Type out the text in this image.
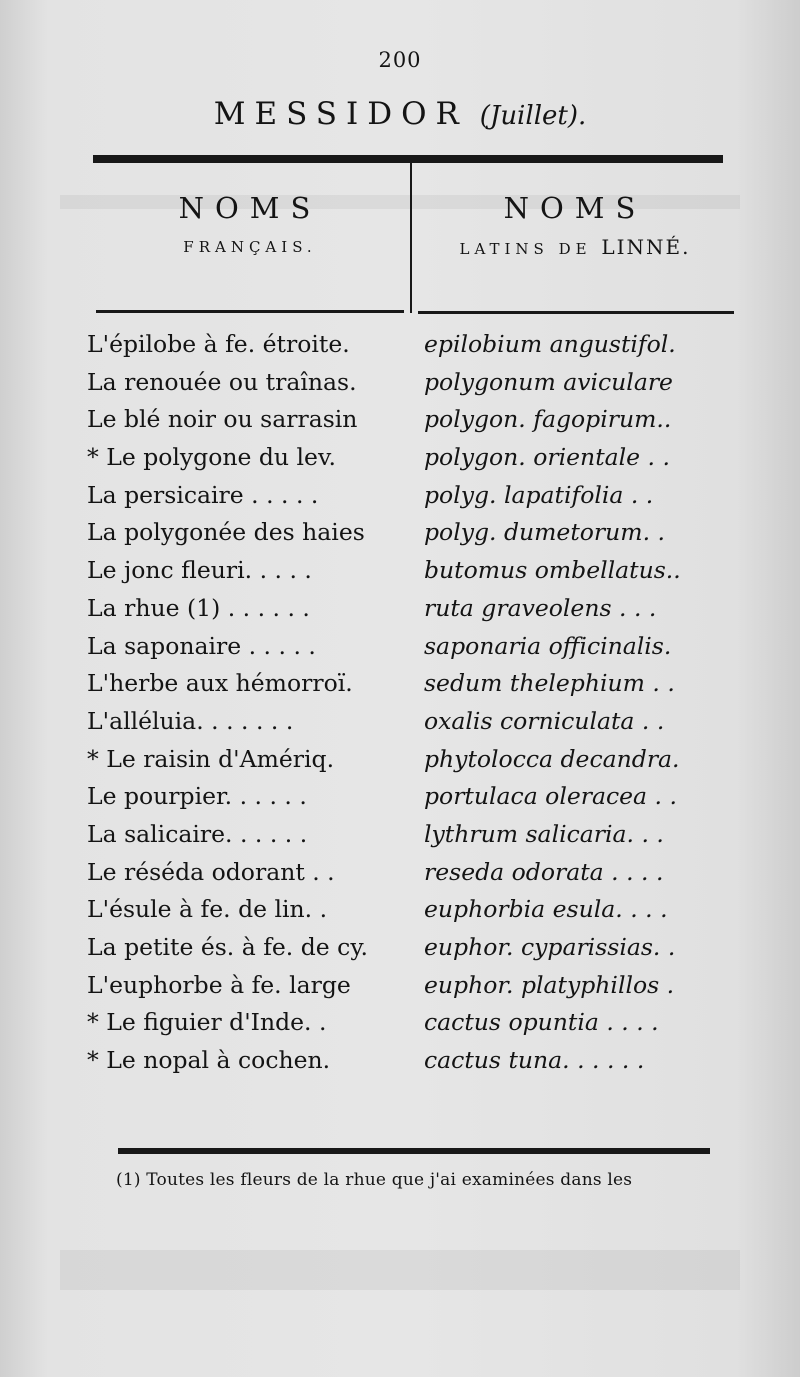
200
MESSIDOR (Juillet).
NOMS
FRANÇAIS.
NOMS
LATINS DE LINNÉ.
L'épilobe à fe. étroite.	epilobium angustifol.
La renouée ou traînas.	polygonum aviculare
Le blé noir ou sarrasin	polygon. fagopirum..
* Le polygone du lev.	polygon. orientale . .
La persicaire . . . . .	polyg. lapatifolia . .
La polygonée des haies	polyg. dumetorum. .
Le jonc fleuri. . . . .	butomus ombellatus..
La rhue (1) . . . . . .	ruta graveolens . . .
La saponaire . . . . .	saponaria officinalis.
L'herbe aux hémorroï.	sedum thelephium . .
L'alléluia. . . . . . .	oxalis corniculata . .
* Le raisin d'Amériq.	phytolocca decandra.
Le pourpier. . . . . .	portulaca oleracea . .
La salicaire. . . . . .	lythrum salicaria. . .
Le réséda odorant . .	reseda odorata . . . .
L'ésule à fe. de lin. .	euphorbia esula. . . .
La petite és. à fe. de cy.	euphor. cyparissias. .
L'euphorbe à fe. large	euphor. platyphillos .
* Le figuier d'Inde. .	cactus opuntia . . . .
* Le nopal à cochen.	cactus tuna. . . . . .
(1) Toutes les fleurs de la rhue que j'ai examinées dans les
